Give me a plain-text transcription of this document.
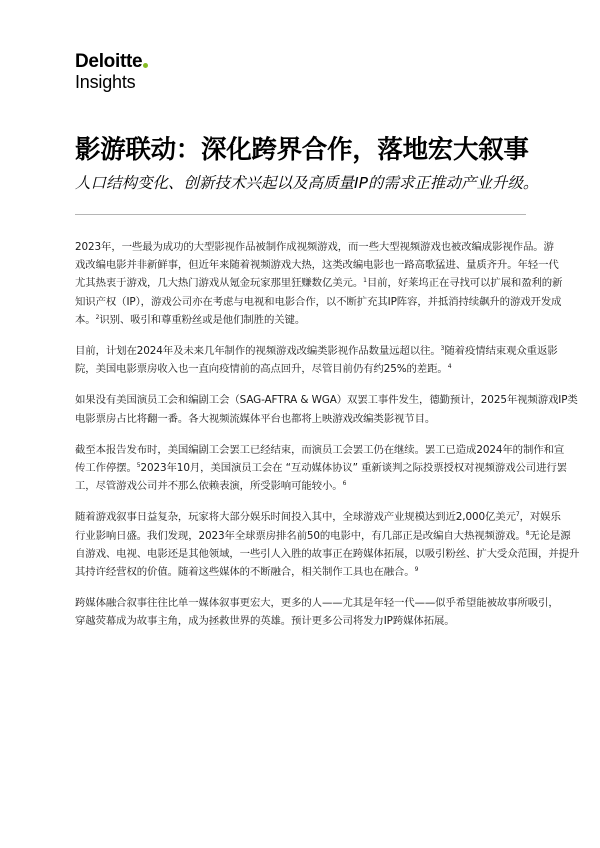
Deloitte
Insights
影游联动：深化跨界合作，落地宏大叙事
人口结构变化、创新技术兴起以及高质量IP的需求正推动产业升级。

2023年，一些最为成功的大型影视作品被制作成视频游戏，而一些大型视频游戏也被改编成影视作品。游
戏改编电影并非新鲜事，但近年来随着视频游戏大热，这类改编电影也一路高歌猛进、量质齐升。年轻一代
尤其热衷于游戏，几大热门游戏从氪金玩家那里狂赚数亿美元。$^1$目前，好莱坞正在寻找可以扩展和盈利的新
知识产权（IP），游戏公司亦在考虑与电视和电影合作，以不断扩充其IP阵容，并抵消持续飙升的游戏开发成
本。$^2$识别、吸引和尊重粉丝或是他们制胜的关键。

目前，计划在2024年及未来几年制作的视频游戏改编类影视作品数量远超以往。$^3$随着疫情结束观众重返影
院，美国电影票房收入也一直向疫情前的高点回升，尽管目前仍有约25%的差距。$^4$

如果没有美国演员工会和编剧工会（SAG-AFTRA & WGA）双罢工事件发生，德勤预计，2025年视频游戏IP类
电影票房占比将翻一番。各大视频流媒体平台也都将上映游戏改编类影视节目。

截至本报告发布时，美国编剧工会罢工已经结束，而演员工会罢工仍在继续。罢工已造成2024年的制作和宣
传工作停摆。$^5$2023年10月，美国演员工会在 “互动媒体协议” 重新谈判之际投票授权对视频游戏公司进行罢
工，尽管游戏公司并不那么依赖表演，所受影响可能较小。$^6$

随着游戏叙事日益复杂，玩家将大部分娱乐时间投入其中，全球游戏产业规模达到近2,000亿美元$^7$，对娱乐
行业影响日盛。我们发现，2023年全球票房排名前50的电影中，有几部正是改编自大热视频游戏。$^8$无论是源
自游戏、电视、电影还是其他领域，一些引人入胜的故事正在跨媒体拓展，以吸引粉丝、扩大受众范围，并提升
其持许经营权的价值。随着这些媒体的不断融合，相关制作工具也在融合。$^9$

跨媒体融合叙事往往比单一媒体叙事更宏大，更多的人——尤其是年轻一代——似乎希望能被故事所吸引，
穿越荧幕成为故事主角，成为拯救世界的英雄。预计更多公司将发力IP跨媒体拓展。
